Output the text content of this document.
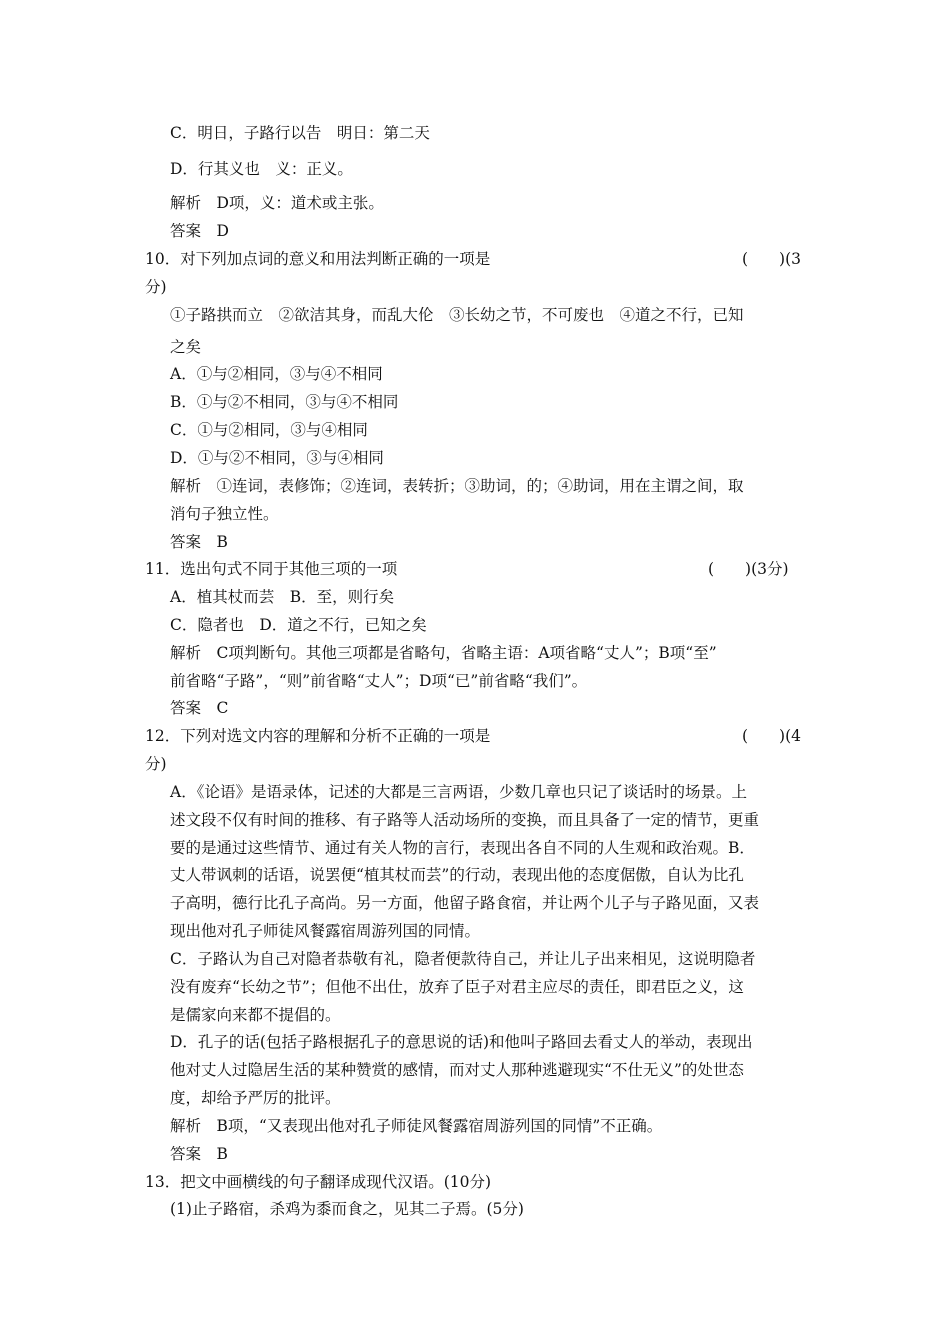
C．明日，子路行以告　明日：第二天
D．行其义也　义：正义。
解析　D项，义：道术或主张。
答案　D
10．对下列加点词的意义和用法判断正确的一项是	(　　)(3
分)
①子路拱而立　②欲洁其身，而乱大伦　③长幼之节，不可废也　④道之不行，已知
之矣
A．①与②相同，③与④不相同
B．①与②不相同，③与④不相同
C．①与②相同，③与④相同
D．①与②不相同，③与④相同
解析　①连词，表修饰；②连词，表转折；③助词，的；④助词，用在主谓之间，取
消句子独立性。
答案　B
11．选出句式不同于其他三项的一项	(　　)(3分)
A．植其杖而芸　B．至，则行矣
C．隐者也　D．道之不行，已知之矣
解析　C项判断句。其他三项都是省略句，省略主语：A项省略“丈人”；B项“至”
前省略“子路”，“则”前省略“丈人”；D项“已”前省略“我们”。
答案　C
12．下列对选文内容的理解和分析不正确的一项是	(　　)(4
分)
A．《论语》是语录体，记述的大都是三言两语，少数几章也只记了谈话时的场景。上
述文段不仅有时间的推移、有子路等人活动场所的变换，而且具备了一定的情节，更重
要的是通过这些情节、通过有关人物的言行，表现出各自不同的人生观和政治观。B．
丈人带讽刺的话语，说罢便“植其杖而芸”的行动，表现出他的态度倨傲，自认为比孔
子高明，德行比孔子高尚。另一方面，他留子路食宿，并让两个儿子与子路见面，又表
现出他对孔子师徒风餐露宿周游列国的同情。
C．子路认为自己对隐者恭敬有礼，隐者便款待自己，并让儿子出来相见，这说明隐者
没有废弃“长幼之节”；但他不出仕，放弃了臣子对君主应尽的责任，即君臣之义，这
是儒家向来都不提倡的。
D．孔子的话(包括子路根据孔子的意思说的话)和他叫子路回去看丈人的举动，表现出
他对丈人过隐居生活的某种赞赏的感情，而对丈人那种逃避现实“不仕无义”的处世态
度，却给予严厉的批评。
解析　B项，“又表现出他对孔子师徒风餐露宿周游列国的同情”不正确。
答案　B
13．把文中画横线的句子翻译成现代汉语。(10分)
(1)止子路宿，杀鸡为黍而食之，见其二子焉。(5分)
